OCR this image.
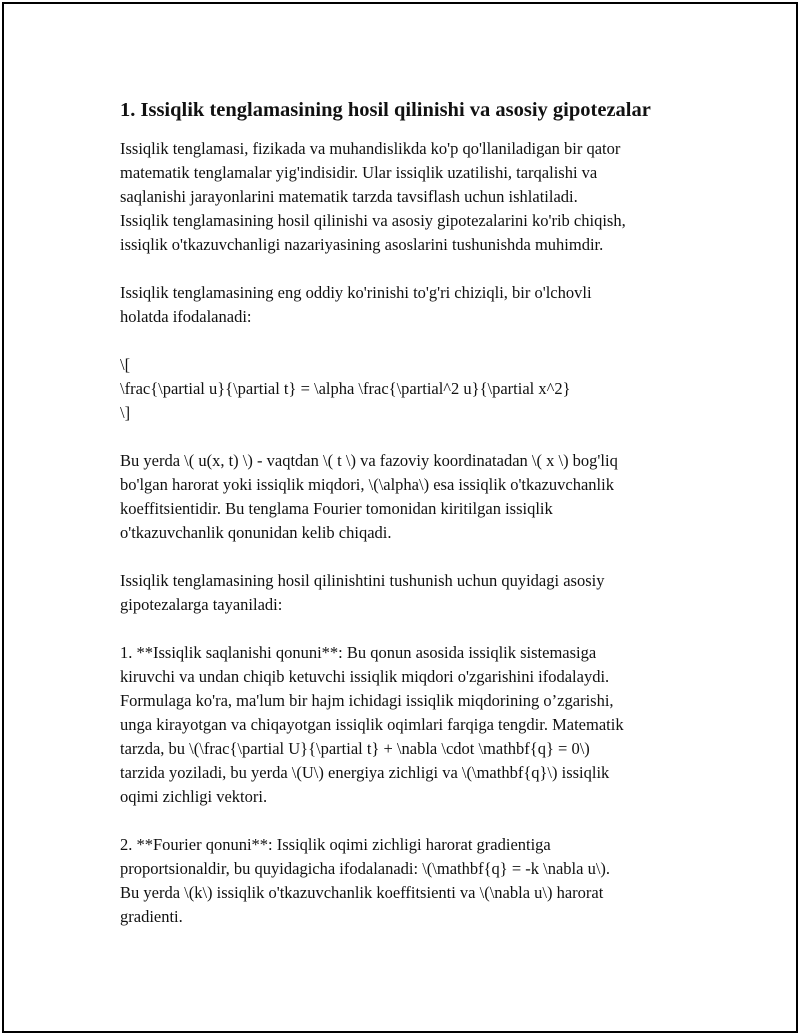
1. Issiqlik tenglamasining hosil qilinishi va asosiy gipotezalar

Issiqlik tenglamasi, fizikada va muhandislikda ko'p qo'llaniladigan bir qator
matematik tenglamalar yig'indisidir. Ular issiqlik uzatilishi, tarqalishi va
saqlanishi jarayonlarini matematik tarzda tavsiflash uchun ishlatiladi.
Issiqlik tenglamasining hosil qilinishi va asosiy gipotezalarini ko'rib chiqish,
issiqlik o'tkazuvchanligi nazariyasining asoslarini tushunishda muhimdir.

Issiqlik tenglamasining eng oddiy ko'rinishi to'g'ri chiziqli, bir o'lchovli
holatda ifodalanadi:

\[
\frac{\partial u}{\partial t} = \alpha \frac{\partial^2 u}{\partial x^2}
\]

Bu yerda \( u(x, t) \) - vaqtdan \( t \) va fazoviy koordinatadan \( x \) bog'liq
bo'lgan harorat yoki issiqlik miqdori, \(\alpha\) esa issiqlik o'tkazuvchanlik
koeffitsientidir. Bu tenglama Fourier tomonidan kiritilgan issiqlik
o'tkazuvchanlik qonunidan kelib chiqadi.

Issiqlik tenglamasining hosil qilinishtini tushunish uchun quyidagi asosiy
gipotezalarga tayaniladi:

1. **Issiqlik saqlanishi qonuni**: Bu qonun asosida issiqlik sistemasiga
kiruvchi va undan chiqib ketuvchi issiqlik miqdori o'zgarishini ifodalaydi.
Formulaga ko'ra, ma'lum bir hajm ichidagi issiqlik miqdorining o’zgarishi,
unga kirayotgan va chiqayotgan issiqlik oqimlari farqiga tengdir. Matematik
tarzda, bu \(\frac{\partial U}{\partial t} + \nabla \cdot \mathbf{q} = 0\)
tarzida yoziladi, bu yerda \(U\) energiya zichligi va \(\mathbf{q}\) issiqlik
oqimi zichligi vektori.

2. **Fourier qonuni**: Issiqlik oqimi zichligi harorat gradientiga
proportsionaldir, bu quyidagicha ifodalanadi: \(\mathbf{q} = -k \nabla u\).
Bu yerda \(k\) issiqlik o'tkazuvchanlik koeffitsienti va \(\nabla u\) harorat
gradienti.
